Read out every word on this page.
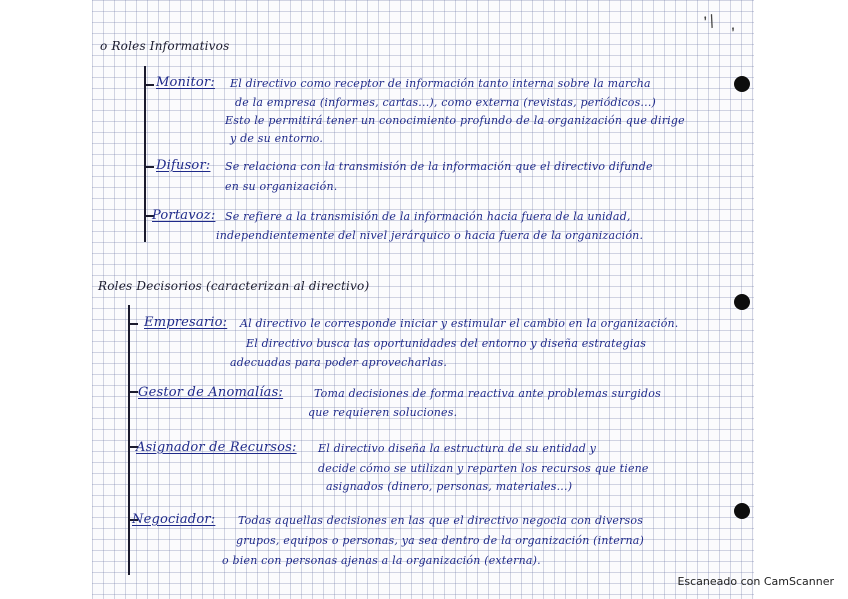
o Roles Informativos

Monitor: El directivo como receptor de información tanto interna sobre la marcha

de la empresa (informes, cartas...), como externa (revistas, periódicos...)

Esto le permitirá tener un conocimiento profundo de la organización que dirige

y de su entorno.

Difusor: Se relaciona con la transmisión de la información que el directivo difunde

en su organización.

Portavoz: Se refiere a la transmisión de la información hacia fuera de la unidad,

independientemente del nivel jerárquico o hacia fuera de la organización.

Roles Decisorios (caracterizan al directivo)

Empresario: Al directivo le corresponde iniciar y estimular el cambio en la organización.

El directivo busca las oportunidades del entorno y diseña estrategias

adecuadas para poder aprovecharlas.

Gestor de Anomalías:	Toma decisiones de forma reactiva ante problemas surgidos

que requieren soluciones.

Asignador de Recursos: El directivo diseña la estructura de su entidad y

decide cómo se utilizan y reparten los recursos que tiene

asignados (dinero, personas, materiales...)

Negociador: Todas aquellas decisiones en las que el directivo negocia con diversos

grupos, equipos o personas, ya sea dentro de la organización (interna)

o bien con personas ajenas a la organización (externa).

ʼ/
ʼ

Escaneado con CamScanner
